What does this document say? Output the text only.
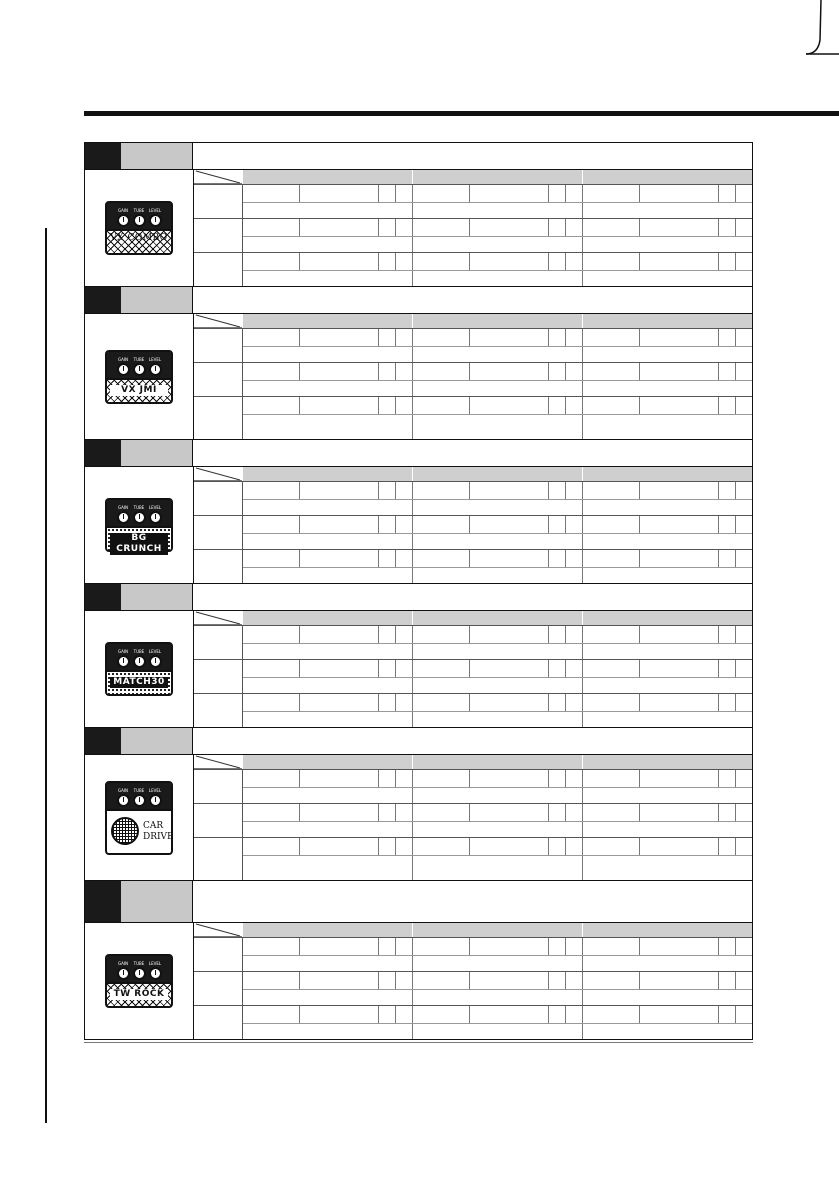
GAIN TUBE LEVEL
VX COMBO
GAIN TUBE LEVEL
VX JMI
GAIN TUBE LEVEL
BG CRUNCH
GAIN TUBE LEVEL
MATCH30
GAIN TUBE LEVEL
CAR DRIVE
GAIN TUBE LEVEL
TW ROCK
